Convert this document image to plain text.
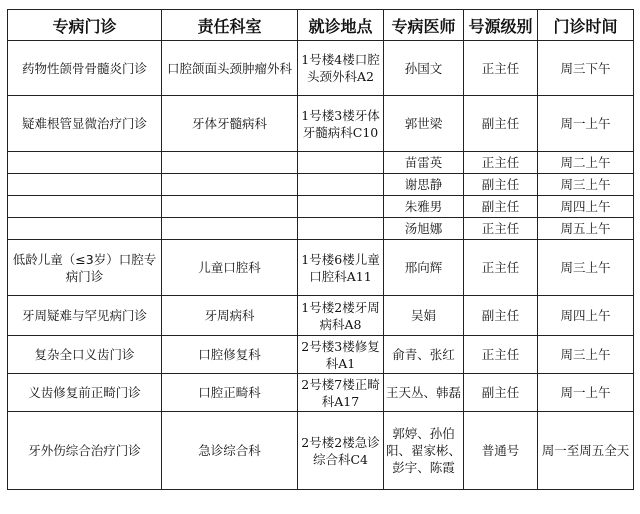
专病门诊	责任科室	就诊地点	专病医师	号源级别	门诊时间
药物性颌骨骨髓炎门诊	口腔颌面头颈肿瘤外科	1号楼4楼口腔头颈外科A2	孙国文	正主任	周三下午
疑难根管显微治疗门诊	牙体牙髓病科	1号楼3楼牙体牙髓病科C10	郭世梁	副主任	周一上午
			苗雷英	正主任	周二上午
			谢思静	副主任	周三上午
			朱雅男	副主任	周四上午
			汤旭娜	正主任	周五上午
低龄儿童（≤3岁）口腔专病门诊	儿童口腔科	1号楼6楼儿童口腔科A11	邢向辉	正主任	周三上午
牙周疑难与罕见病门诊	牙周病科	1号楼2楼牙周病科A8	吴娟	副主任	周四上午
复杂全口义齿门诊	口腔修复科	2号楼3楼修复科A1	俞青、张红	正主任	周三上午
义齿修复前正畸门诊	口腔正畸科	2号楼7楼正畸科A17	王天丛、韩磊	副主任	周一上午
牙外伤综合治疗门诊	急诊综合科	2号楼2楼急诊综合科C4	郭婷、孙伯阳、翟家彬、彭宇、陈霞	普通号	周一至周五全天
